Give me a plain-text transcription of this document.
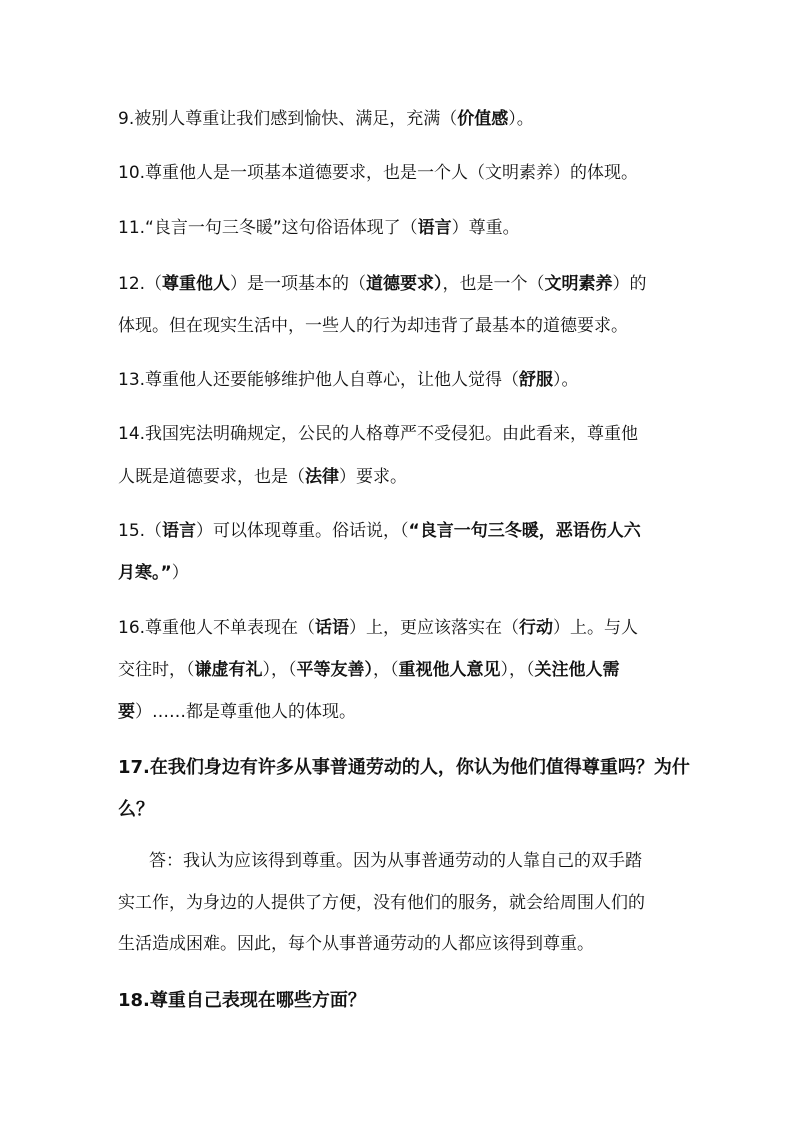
9.被别人尊重让我们感到愉快、满足，充满（价值感）。
10.尊重他人是一项基本道德要求，也是一个人（文明素养）的体现。
11.“良言一句三冬暖”这句俗语体现了（语言）尊重。
12.（尊重他人）是一项基本的（道德要求），也是一个（文明素养）的
体现。但在现实生活中，一些人的行为却违背了最基本的道德要求。
13.尊重他人还要能够维护他人自尊心，让他人觉得（舒服）。
14.我国宪法明确规定，公民的人格尊严不受侵犯。由此看来，尊重他
人既是道德要求，也是（法律）要求。
15.（语言）可以体现尊重。俗话说，（“良言一句三冬暖，恶语伤人六
月寒。”）
16.尊重他人不单表现在（话语）上，更应该落实在（行动）上。与人
交往时，（谦虚有礼），（平等友善），（重视他人意见），（关注他人需
要）……都是尊重他人的体现。
17.在我们身边有许多从事普通劳动的人，你认为他们值得尊重吗？为什
么？
答：我认为应该得到尊重。因为从事普通劳动的人靠自己的双手踏
实工作，为身边的人提供了方便，没有他们的服务，就会给周围人们的
生活造成困难。因此，每个从事普通劳动的人都应该得到尊重。
18.尊重自己表现在哪些方面？
